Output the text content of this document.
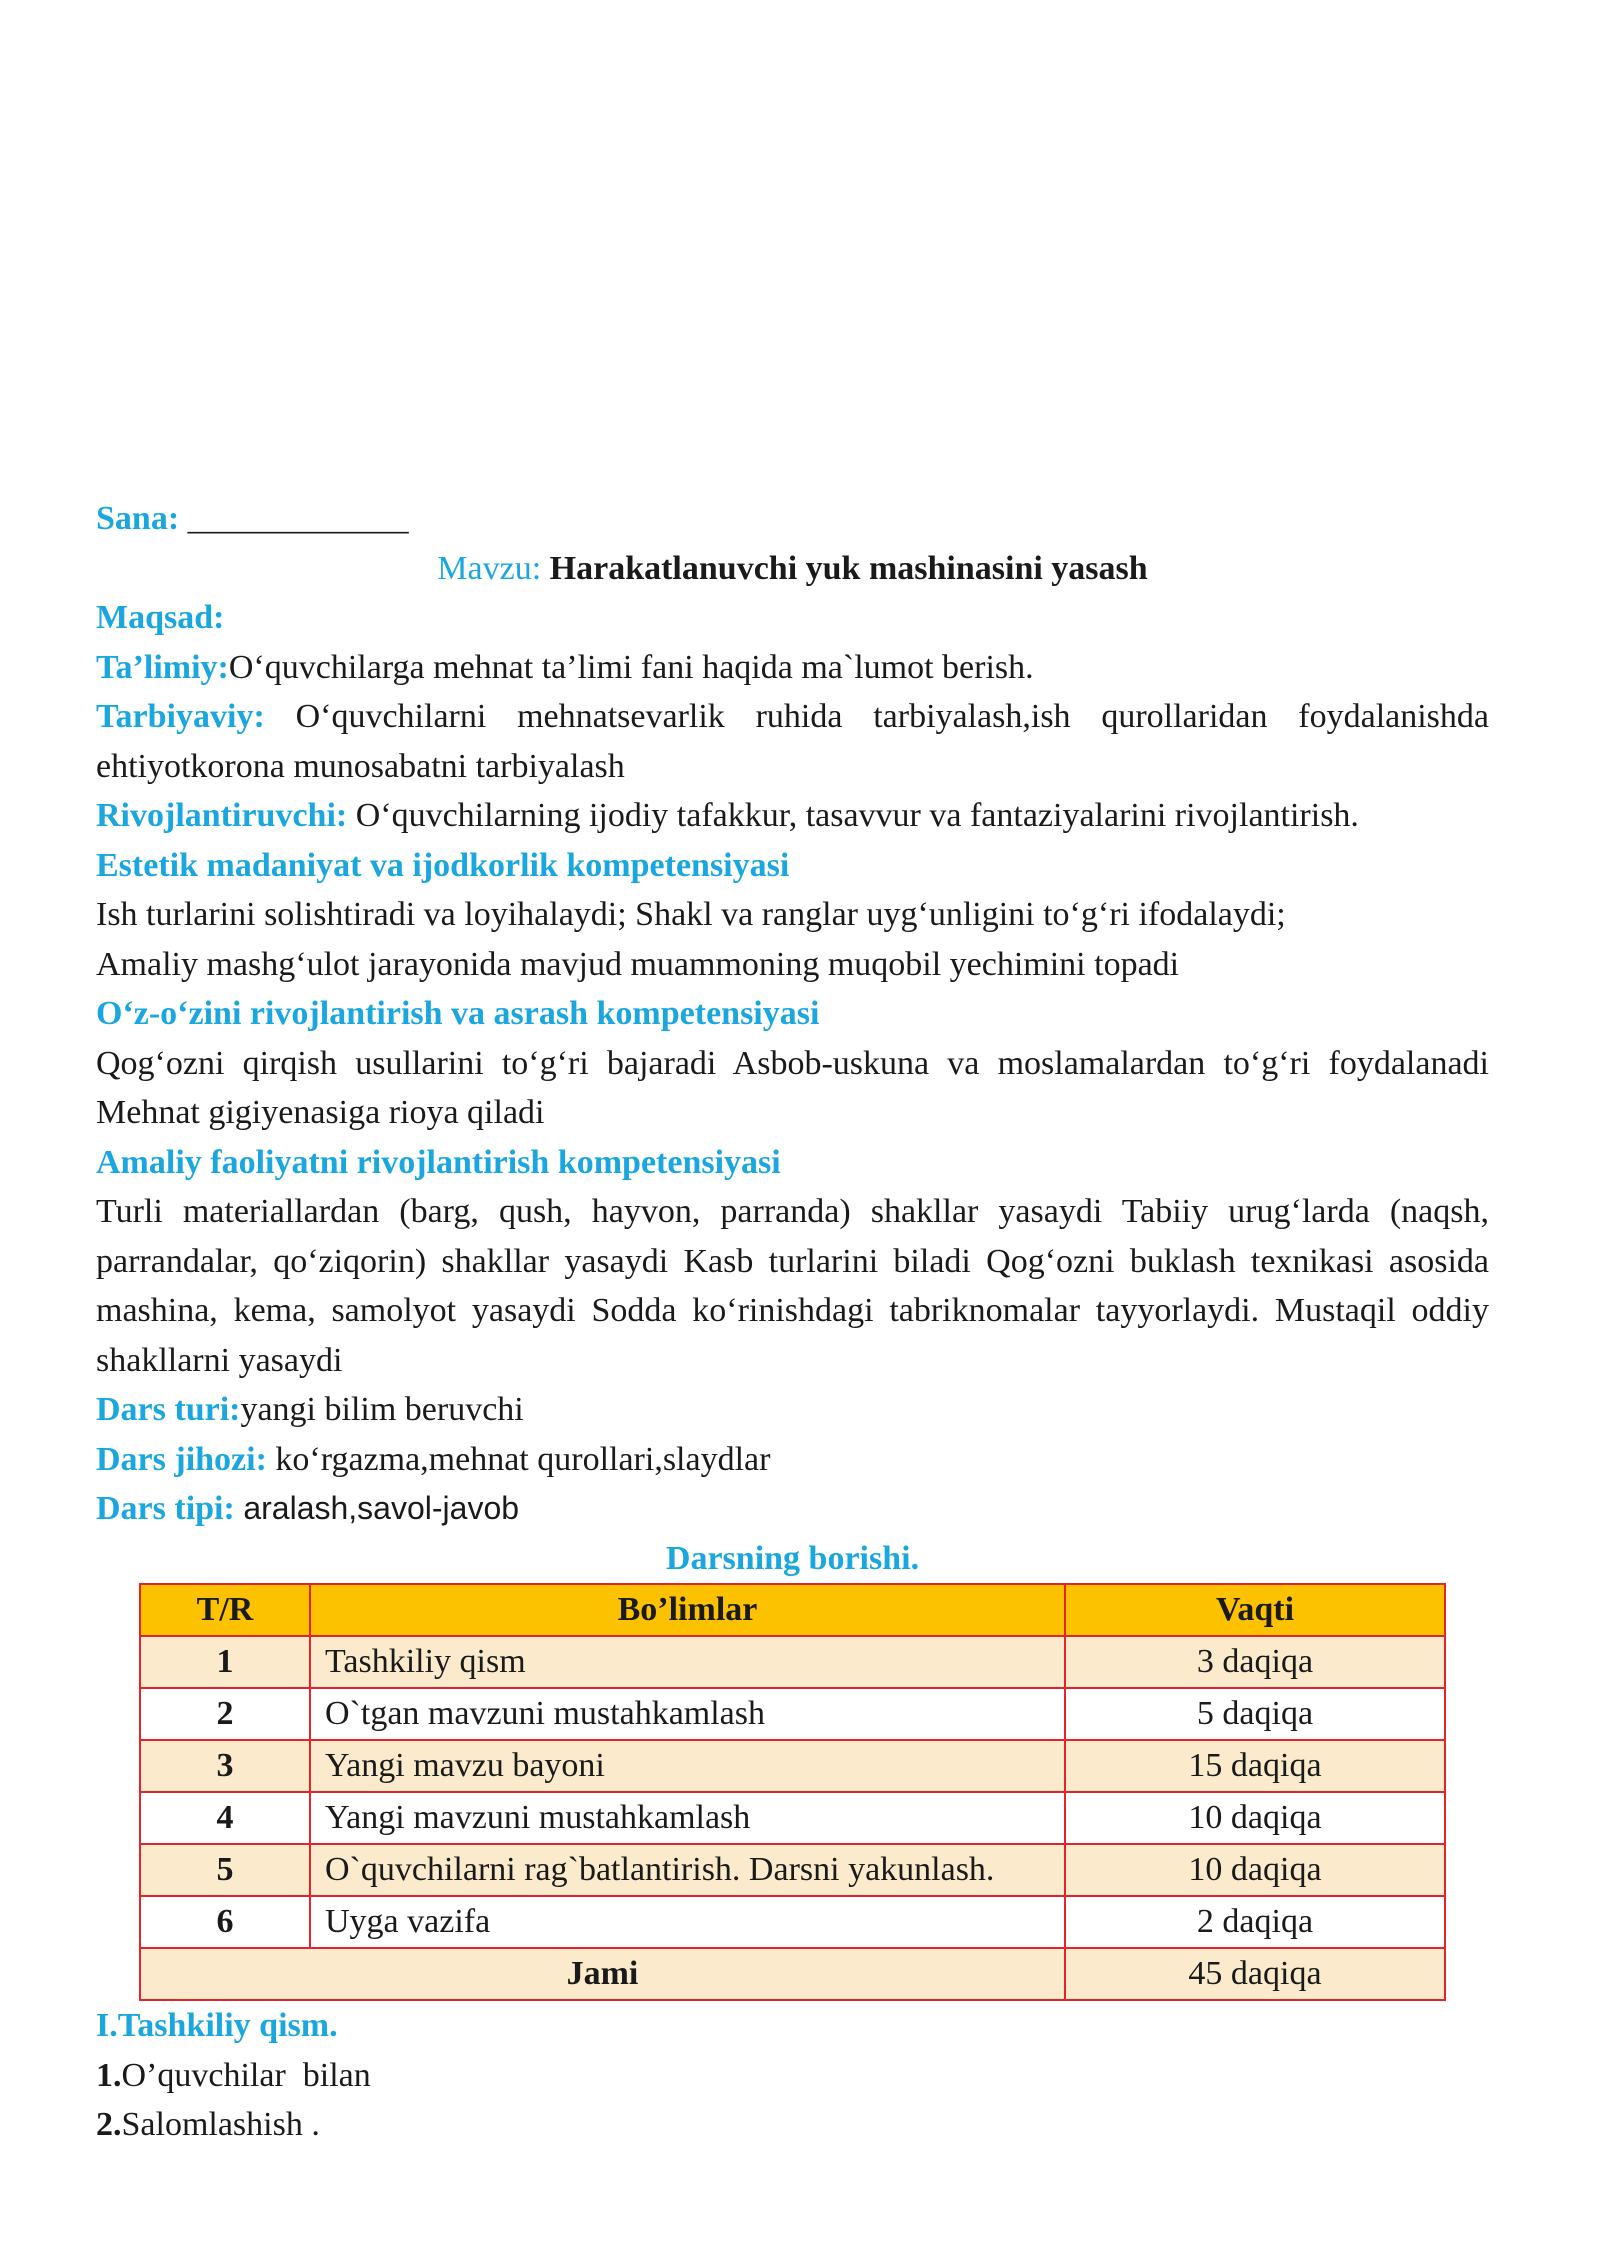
Sana: _____________

Mavzu: Harakatlanuvchi yuk mashinasini yasash

Maqsad:

Ta’limiy:O‘quvchilarga mehnat ta’limi fani haqida ma`lumot berish.

Tarbiyaviy: O‘quvchilarni mehnatsevarlik ruhida tarbiyalash,ish qurollaridan foydalanishda ehtiyotkorona munosabatni tarbiyalash

Rivojlantiruvchi: O‘quvchilarning ijodiy tafakkur, tasavvur va fantaziyalarini rivojlantirish.

Estetik madaniyat va ijodkorlik kompetensiyasi

Ish turlarini solishtiradi va loyihalaydi; Shakl va ranglar uyg‘unligini to‘g‘ri ifodalaydi;

Amaliy mashg‘ulot jarayonida mavjud muammoning muqobil yechimini topadi

O‘z-o‘zini rivojlantirish va asrash kompetensiyasi

Qog‘ozni qirqish usullarini to‘g‘ri bajaradi Asbob-uskuna va moslamalardan to‘g‘ri foydalanadi Mehnat gigiyenasiga rioya qiladi

Amaliy faoliyatni rivojlantirish kompetensiyasi

Turli materiallardan (barg, qush, hayvon, parranda) shakllar yasaydi Tabiiy urug‘larda (naqsh, parrandalar, qo‘ziqorin) shakllar yasaydi Kasb turlarini biladi Qog‘ozni buklash texnikasi asosida mashina, kema, samolyot yasaydi Sodda ko‘rinishdagi tabriknomalar tayyorlaydi. Mustaqil oddiy shakllarni yasaydi

Dars turi:yangi bilim beruvchi

Dars jihozi: ko‘rgazma,mehnat qurollari,slaydlar

Dars tipi: aralash,savol-javob

Darsning borishi.

T/R	Bo’limlar	Vaqti
1	Tashkiliy qism	3 daqiqa
2	O`tgan mavzuni mustahkamlash	5 daqiqa
3	Yangi mavzu bayoni	15 daqiqa
4	Yangi mavzuni mustahkamlash	10 daqiqa
5	O`quvchilarni rag`batlantirish. Darsni yakunlash.	10 daqiqa
6	Uyga vazifa	2 daqiqa
Jami		45 daqiqa

I.Tashkiliy qism.

1.O’quvchilar  bilan

2.Salomlashish .
